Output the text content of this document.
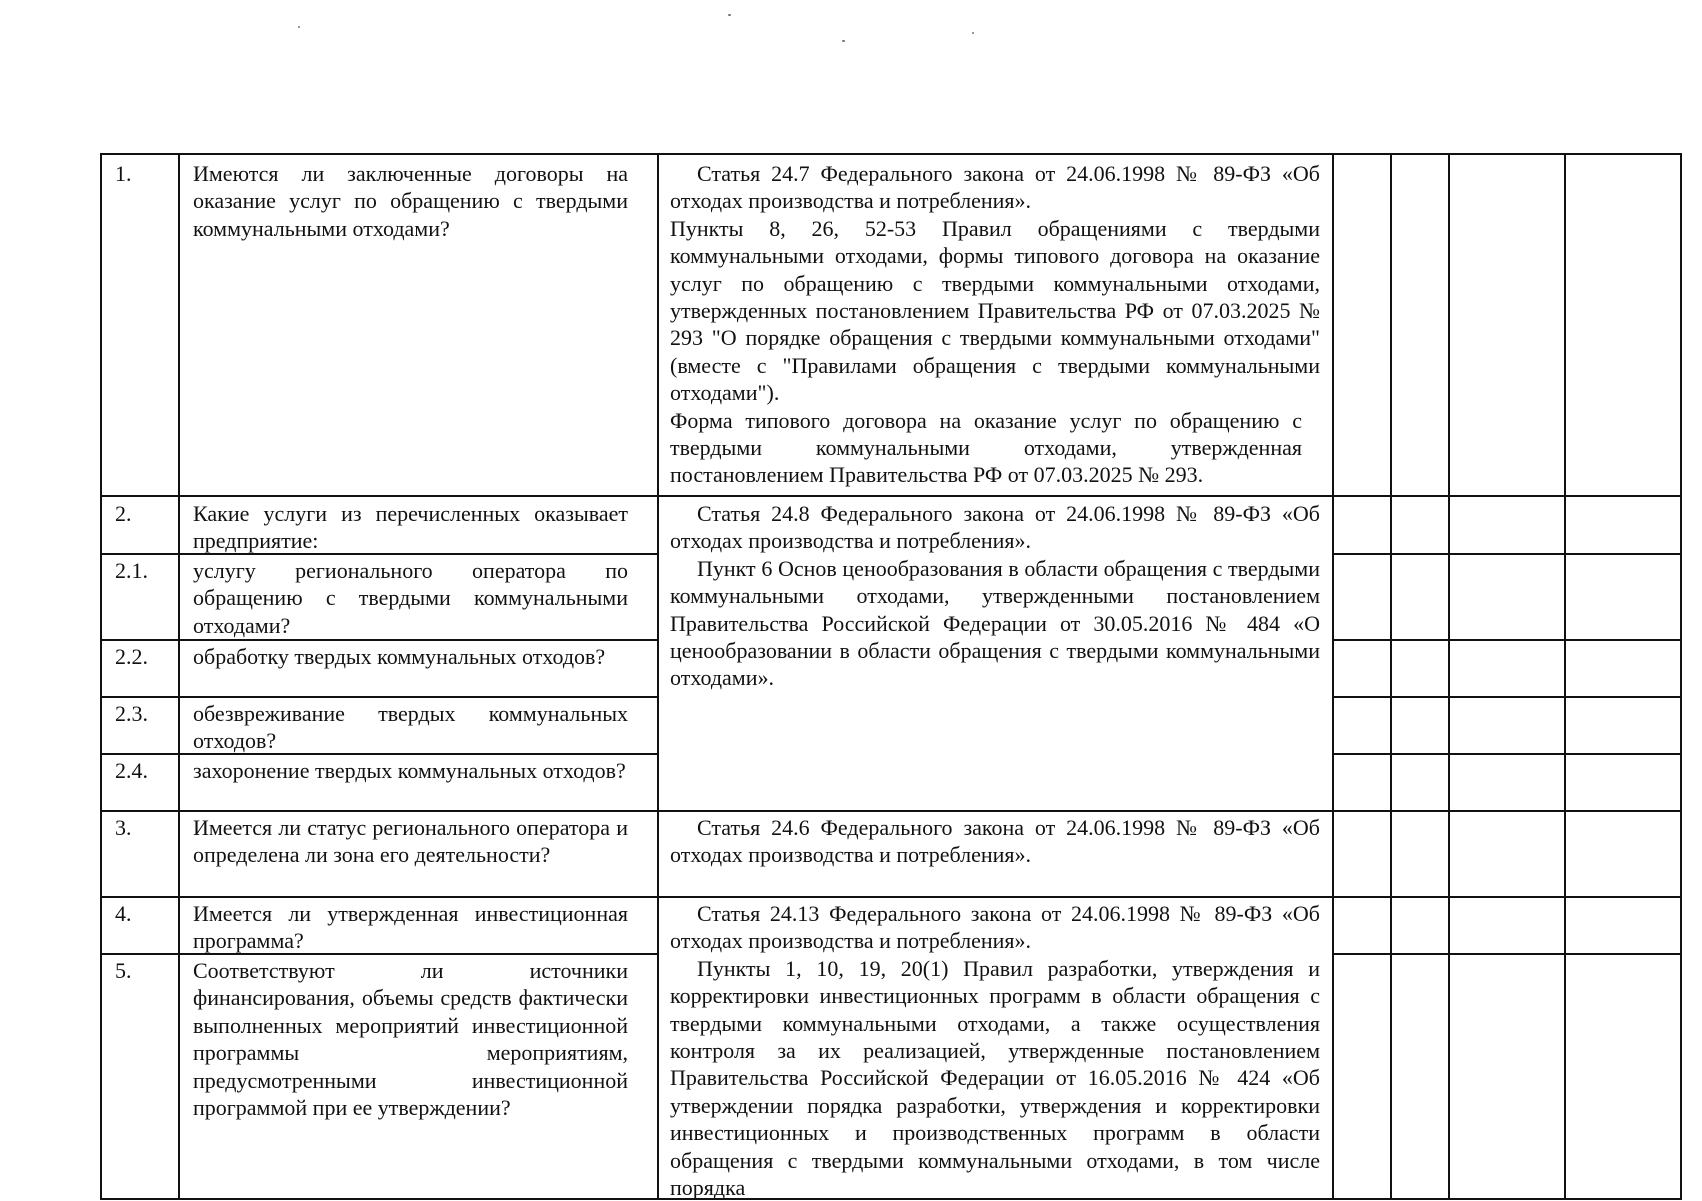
1.
2.
2.1.
2.2.
2.3.
2.4.
3.
4.
5.
Имеются ли заключенные договоры на оказание услуг по обращению с твердыми коммунальными отходами?
Какие услуги из перечисленных оказывает предприятие:
услугу регионального оператора по обращению с твердыми коммунальными отходами?
обработку твердых коммунальных отходов?
обезвреживание твердых коммунальных отходов?
захоронение твердых коммунальных отходов?
Имеется ли статус регионального оператора и определена ли зона его деятельности?
Имеется ли утвержденная инвестиционная программа?
Соответствуют ли источники финансирования, объемы средств фактически выполненных мероприятий инвестиционной программы мероприятиям, предусмотренными инвестиционной программой при ее утверждении?
Статья 24.7 Федерального закона от 24.06.1998 № 89-ФЗ «Об отходах производства и потребления».
Пункты 8, 26, 52-53 Правил обращениями с твердыми коммунальными отходами, формы типового договора на оказание услуг по обращению с твердыми коммунальными отходами, утвержденных постановлением Правительства РФ от 07.03.2025 № 293 "О порядке обращения с твердыми коммунальными отходами" (вместе с "Правилами обращения с твердыми коммунальными отходами").
Форма типового договора на оказание услуг по обращению с твердыми коммунальными отходами, утвержденная постановлением Правительства РФ от 07.03.2025 № 293.
Статья 24.8 Федерального закона от 24.06.1998 № 89-ФЗ «Об отходах производства и потребления».
Пункт 6 Основ ценообразования в области обращения с твердыми коммунальными отходами, утвержденными постановлением Правительства Российской Федерации от 30.05.2016 № 484 «О ценообразовании в области обращения с твердыми коммунальными отходами».
Статья 24.6 Федерального закона от 24.06.1998 № 89-ФЗ «Об отходах производства и потребления».
Статья 24.13 Федерального закона от 24.06.1998 № 89-ФЗ «Об отходах производства и потребления».
Пункты 1, 10, 19, 20(1) Правил разработки, утверждения и корректировки инвестиционных программ в области обращения с твердыми коммунальными отходами, а также осуществления контроля за их реализацией, утвержденные постановлением Правительства Российской Федерации от 16.05.2016 № 424 «Об утверждении порядка разработки, утверждения и корректировки инвестиционных и производственных программ в области обращения с твердыми коммунальными отходами, в том числе порядка
